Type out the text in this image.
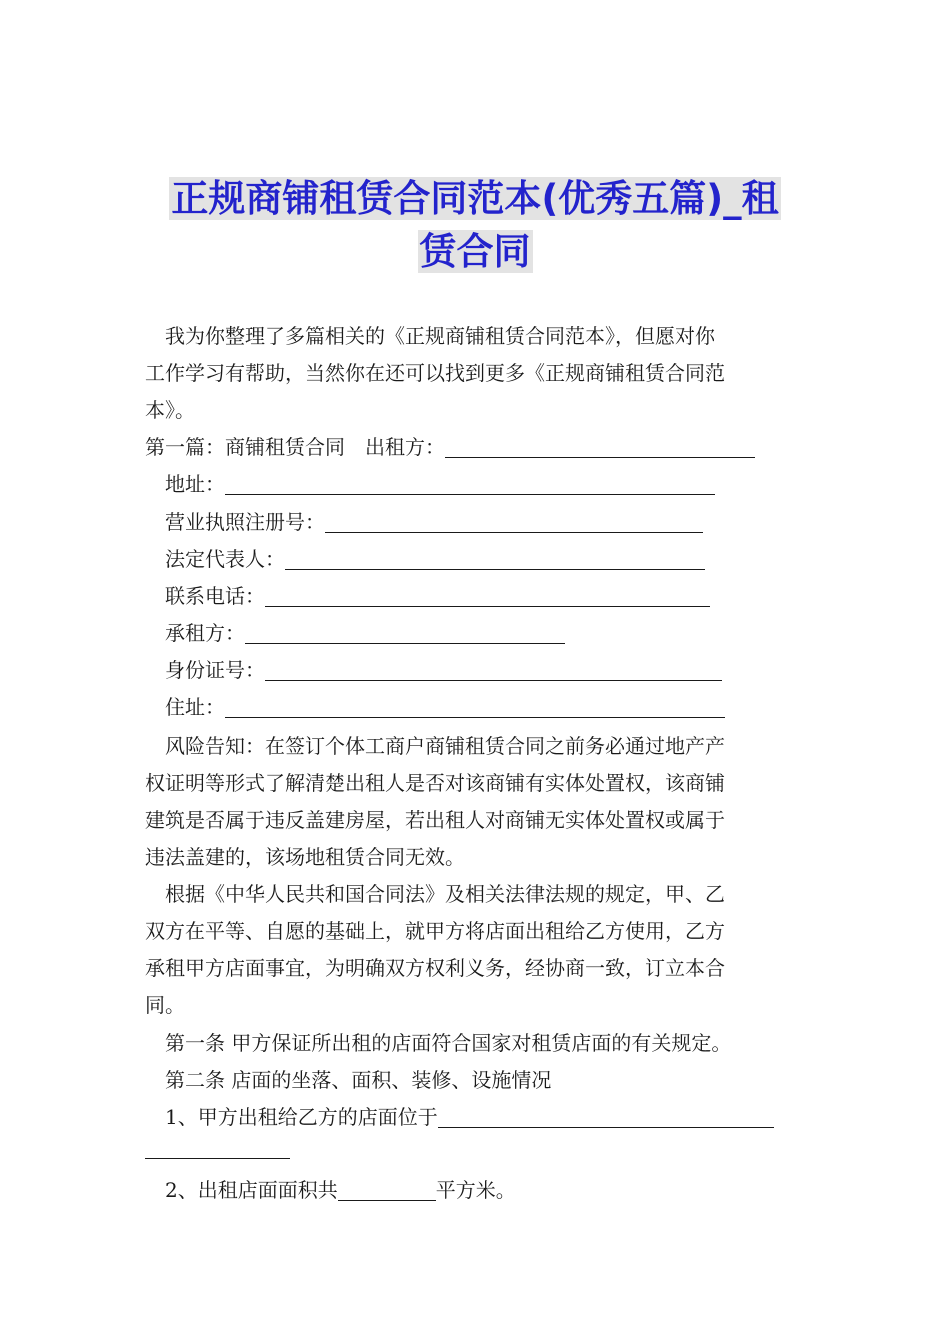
正规商铺租赁合同范本(优秀五篇)_租
赁合同
我为你整理了多篇相关的《正规商铺租赁合同范本》，但愿对你
工作学习有帮助，当然你在还可以找到更多《正规商铺租赁合同范
本》。
第一篇：商铺租赁合同　出租方：
地址：
营业执照注册号：
法定代表人：
联系电话：
承租方：
身份证号：
住址：
风险告知：在签订个体工商户商铺租赁合同之前务必通过地产产
权证明等形式了解清楚出租人是否对该商铺有实体处置权，该商铺
建筑是否属于违反盖建房屋，若出租人对商铺无实体处置权或属于
违法盖建的，该场地租赁合同无效。
根据《中华人民共和国合同法》及相关法律法规的规定，甲、乙
双方在平等、自愿的基础上，就甲方将店面出租给乙方使用，乙方
承租甲方店面事宜，为明确双方权利义务，经协商一致，订立本合
同。
第一条 甲方保证所出租的店面符合国家对租赁店面的有关规定。
第二条 店面的坐落、面积、装修、设施情况
1、甲方出租给乙方的店面位于
2、出租店面面积共	平方米。
